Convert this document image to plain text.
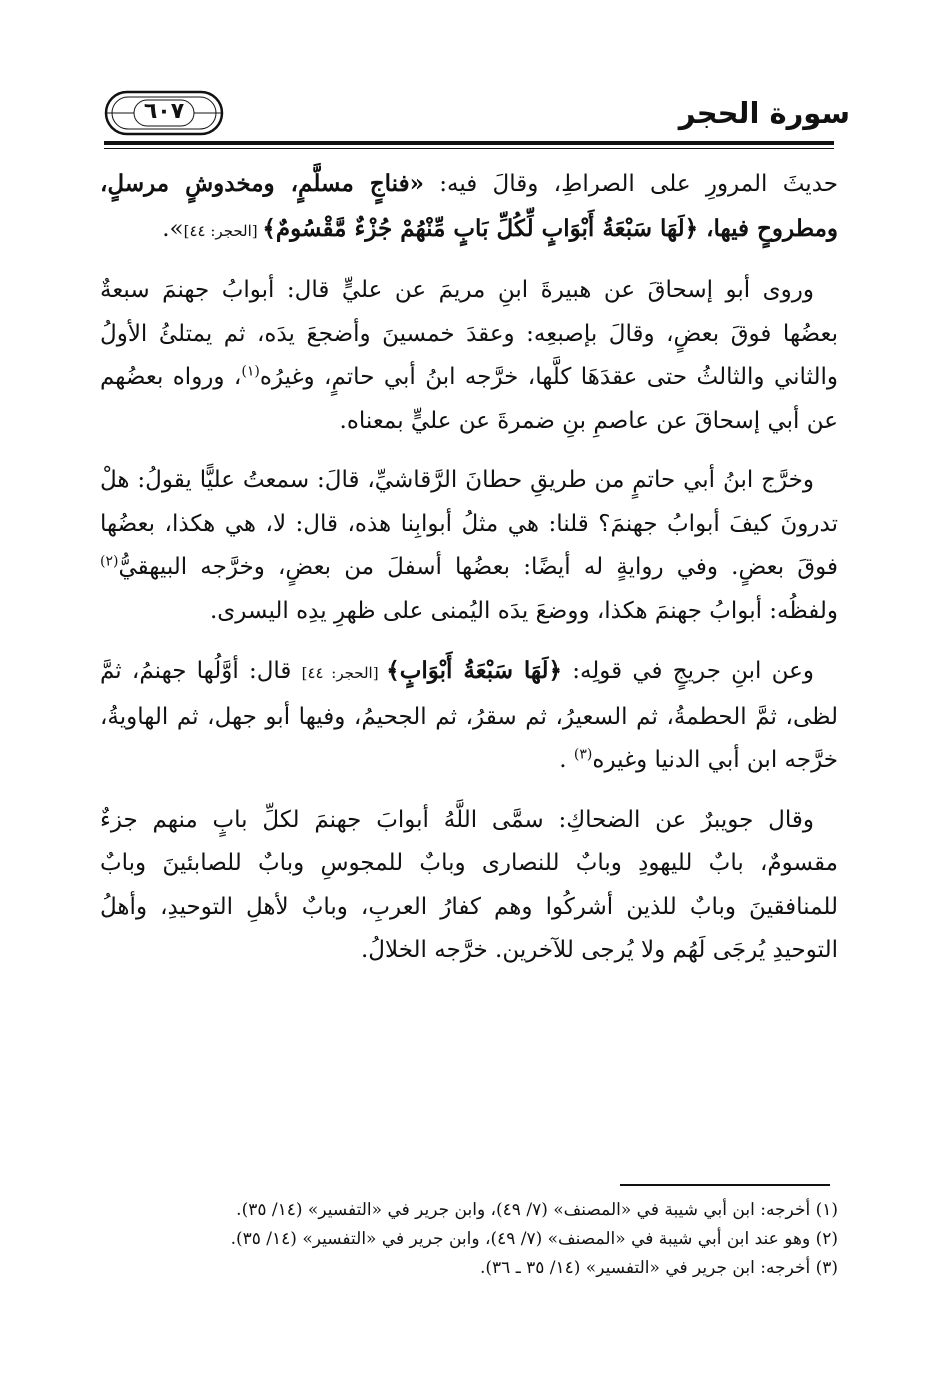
سورة الحجر
٦٠٧

حديثَ المرورِ على الصراطِ، وقالَ فيه: «فناجٍ مسلَّمٍ، ومخدوشٍ مرسلٍ، ومطروحٍ فيها، ﴿لَهَا سَبْعَةُ أَبْوَابٍ لِّكُلِّ بَابٍ مِّنْهُمْ جُزْءٌ مَّقْسُومٌ﴾ [الحجر: ٤٤]».

وروى أبو إسحاقَ عن هبيرةَ ابنِ مريمَ عن عليٍّ قال: أبوابُ جهنمَ سبعةٌ بعضُها فوقَ بعضٍ، وقالَ بإصبعِه: وعقدَ خمسينَ وأضجعَ يدَه، ثم يمتلئُ الأولُ والثاني والثالثُ حتى عقدَهَا كلَّها، خرَّجه ابنُ أبي حاتمٍ، وغيرُه$^{(١)}$، ورواه بعضُهم عن أبي إسحاقَ عن عاصمِ بنِ ضمرةَ عن عليٍّ بمعناه.

وخرَّج ابنُ أبي حاتمٍ من طريقِ حطانَ الرَّقاشيِّ، قالَ: سمعتُ عليًّا يقولُ: هلْ تدرونَ كيفَ أبوابُ جهنمَ؟ قلنا: هي مثلُ أبوابِنا هذه، قال: لا، هي هكذا، بعضُها فوقَ بعضٍ. وفي روايةٍ له أيضًا: بعضُها أسفلَ من بعضٍ، وخرَّجه البيهقيُّ$^{(٢)}$ ولفظُه: أبوابُ جهنمَ هكذا، ووضعَ يدَه اليُمنى على ظهرِ يدِه اليسرى.

وعن ابنِ جريجٍ في قولِه: ﴿لَهَا سَبْعَةُ أَبْوَابٍ﴾ [الحجر: ٤٤] قال: أوَّلُها جهنمُ، ثمَّ لظى، ثمَّ الحطمةُ، ثم السعيرُ، ثم سقرُ، ثم الجحيمُ، وفيها أبو جهل، ثم الهاويةُ، خرَّجه ابن أبي الدنيا وغيره$^{(٣)}$ .

وقال جويبرٌ عن الضحاكِ: سمَّى اللَّهُ أبوابَ جهنمَ لكلِّ بابٍ منهم جزءٌ مقسومٌ، بابٌ لليهودِ وبابٌ للنصارى وبابٌ للمجوسِ وبابٌ للصابئينَ وبابٌ للمنافقينَ وبابٌ للذين أشركُوا وهم كفارُ العربِ، وبابٌ لأهلِ التوحيدِ، وأهلُ التوحيدِ يُرجَى لَهُم ولا يُرجى للآخرين. خرَّجه الخلالُ.

(١) أخرجه: ابن أبي شيبة في «المصنف» (٧/ ٤٩)، وابن جرير في «التفسير» (١٤/ ٣٥).
(٢) وهو عند ابن أبي شيبة في «المصنف» (٧/ ٤٩)، وابن جرير في «التفسير» (١٤/ ٣٥).
(٣) أخرجه: ابن جرير في «التفسير» (١٤/ ٣٥ ـ ٣٦).
